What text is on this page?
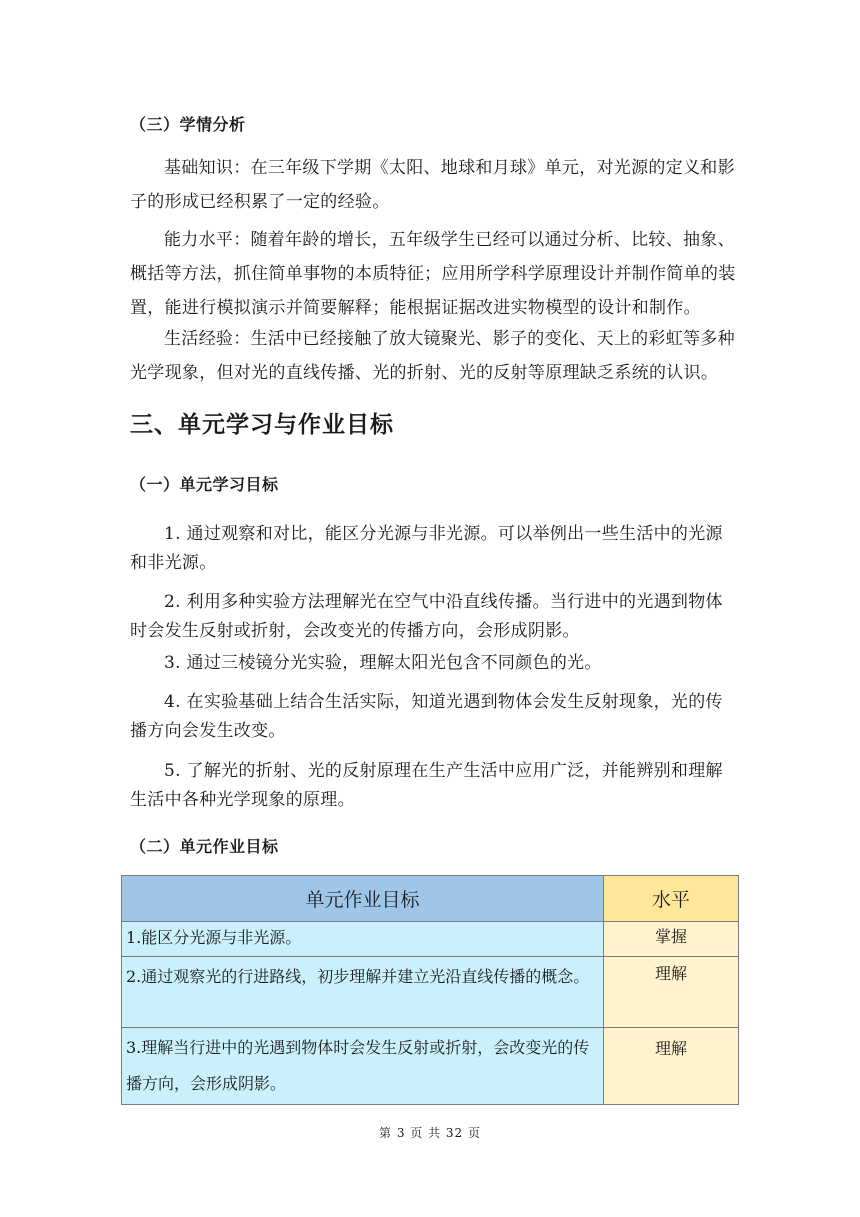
（三）学情分析

基础知识：在三年级下学期《太阳、地球和月球》单元，对光源的定义和影子的形成已经积累了一定的经验。

能力水平：随着年龄的增长，五年级学生已经可以通过分析、比较、抽象、概括等方法，抓住简单事物的本质特征；应用所学科学原理设计并制作简单的装置，能进行模拟演示并简要解释；能根据证据改进实物模型的设计和制作。

生活经验：生活中已经接触了放大镜聚光、影子的变化、天上的彩虹等多种光学现象，但对光的直线传播、光的折射、光的反射等原理缺乏系统的认识。

三、单元学习与作业目标
（一）单元学习目标

1. 通过观察和对比，能区分光源与非光源。可以举例出一些生活中的光源和非光源。

2. 利用多种实验方法理解光在空气中沿直线传播。当行进中的光遇到物体时会发生反射或折射，会改变光的传播方向，会形成阴影。

3. 通过三棱镜分光实验，理解太阳光包含不同颜色的光。

4. 在实验基础上结合生活实际，知道光遇到物体会发生反射现象，光的传播方向会发生改变。

5. 了解光的折射、光的反射原理在生产生活中应用广泛，并能辨别和理解生活中各种光学现象的原理。

（二）单元作业目标
单元作业目标	水平
1.能区分光源与非光源。	掌握
2.通过观察光的行进路线，初步理解并建立光沿直线传播的概念。	理解
3.理解当行进中的光遇到物体时会发生反射或折射，会改变光的传播方向，会形成阴影。	理解
第 3 页 共 32 页
